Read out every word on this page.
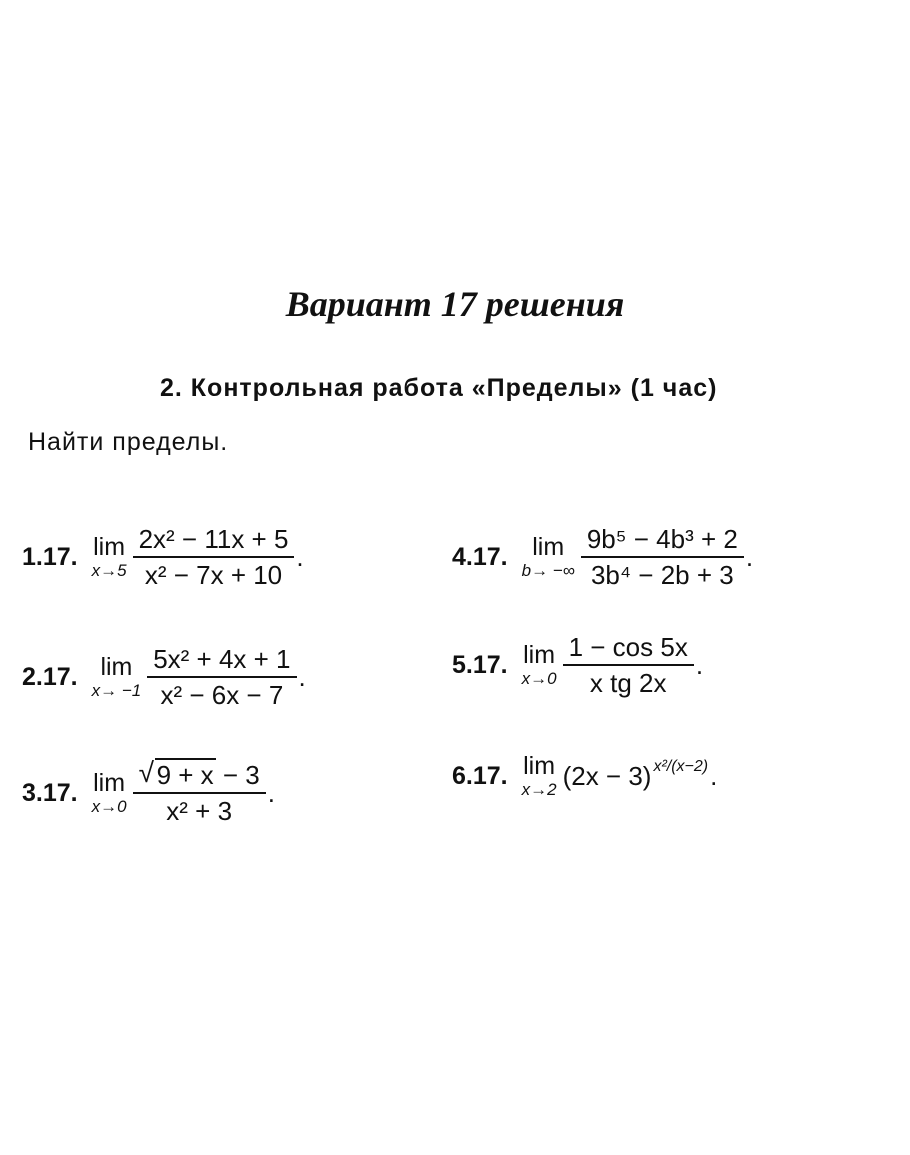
Вариант 17 решения
2. Контрольная работа «Пределы» (1 час)
Найти пределы.
1.17. lim
$x\to 5 \frac{\text{2x² − 11x + 5}}{\text{x² − 7x + 10}}$ .
2.17. lim
$x\to -1 \frac{\text{5x² + 4x + 1}}{\text{x² − 6x − 7}}$ .
3.17. lim
$x\to 0 \frac{√ 9 + x - 3}{\text{x² + 3}}$ .
4.17. lim
b→ −∞ $\frac{\text{9b⁵ − 4b³ + 2}}{\text{3b⁴ − 2b + 3}}$ .
5.17. lim
$x\to 0 \frac{1 - \cos 5x}{\text{x tg 2x}}$ .
6.17. lim
x→2 (2x − 3) $^{x^2/(x-2)}$ .
